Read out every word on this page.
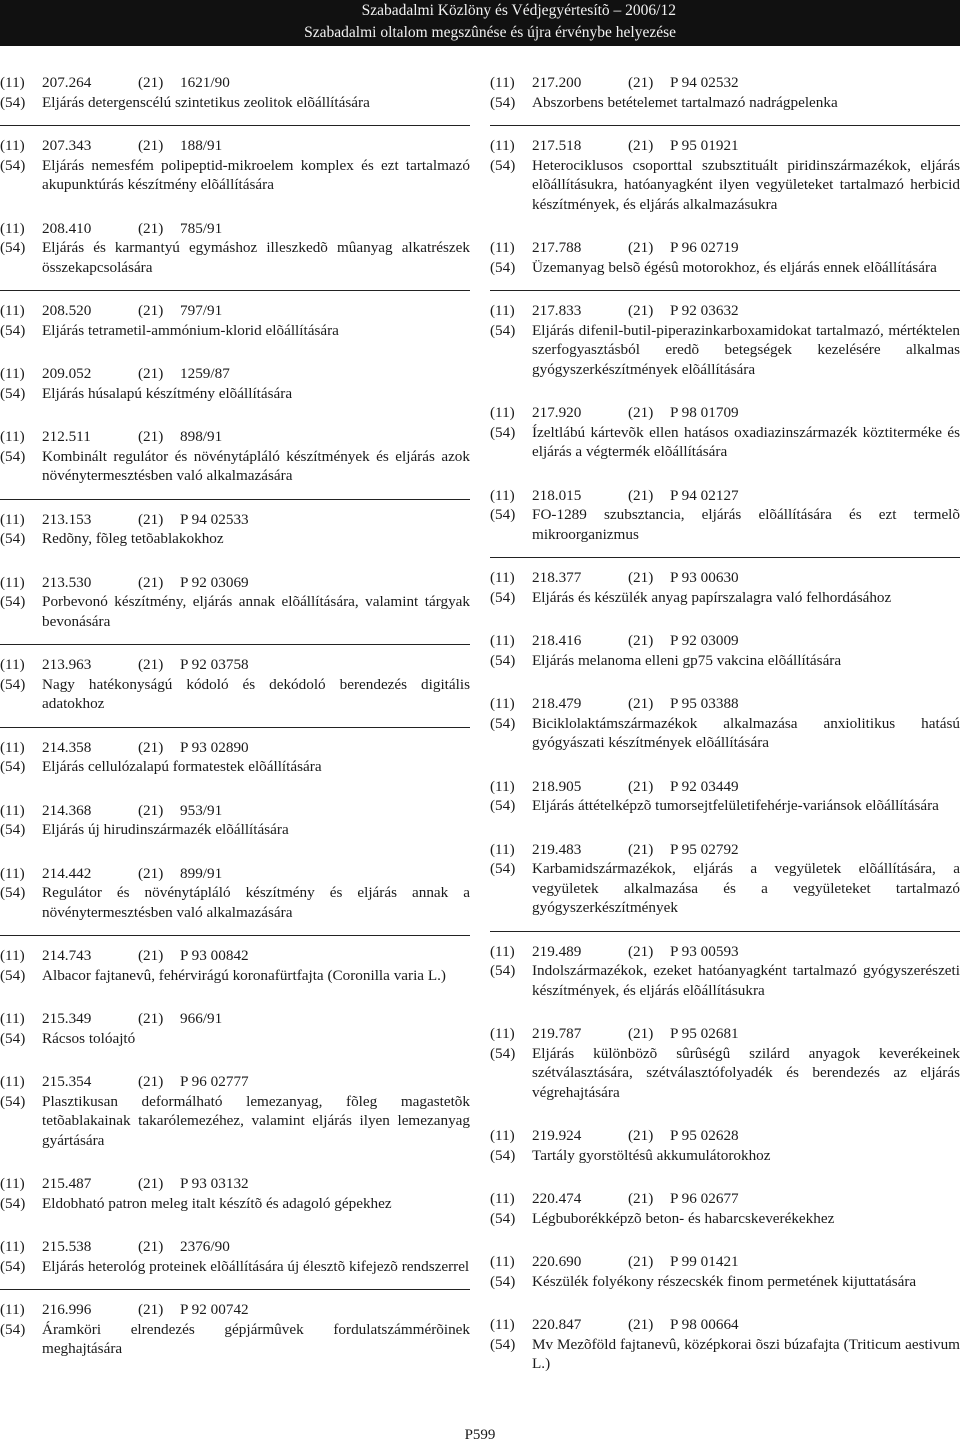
Szabadalmi Közlöny és Védjegyértesítõ – 2006/12
Szabadalmi oltalom megszûnése és újra érvénybe helyezése
(11)	207.264	(21)	1621/90
(54)	Eljárás detergenscélú szintetikus zeolitok elõállítására
(11)	207.343	(21)	188/91
(54)	Eljárás nemesfém polipeptid-mikroelem komplex és ezt tartalmazó akupunktúrás készítmény elõállítására
(11)	208.410	(21)	785/91
(54)	Eljárás és karmantyú egymáshoz illeszkedõ mûanyag alkatrészek összekapcsolására
(11)	208.520	(21)	797/91
(54)	Eljárás tetrametil-ammónium-klorid elõállítására
(11)	209.052	(21)	1259/87
(54)	Eljárás húsalapú készítmény elõállítására
(11)	212.511	(21)	898/91
(54)	Kombinált regulátor és növénytápláló készítmények és eljárás azok növénytermesztésben való alkalmazására
(11)	213.153	(21)	P 94 02533
(54)	Redõny, fõleg tetõablakokhoz
(11)	213.530	(21)	P 92 03069
(54)	Porbevonó készítmény, eljárás annak elõállítására, valamint tárgyak bevonására
(11)	213.963	(21)	P 92 03758
(54)	Nagy hatékonyságú kódoló és dekódoló berendezés digitális adatokhoz
(11)	214.358	(21)	P 93 02890
(54)	Eljárás cellulózalapú formatestek elõállítására
(11)	214.368	(21)	953/91
(54)	Eljárás új hirudinszármazék elõállítására
(11)	214.442	(21)	899/91
(54)	Regulátor és növénytápláló készítmény és eljárás annak a növénytermesztésben való alkalmazására
(11)	214.743	(21)	P 93 00842
(54)	Albacor fajtanevû, fehérvirágú koronafürtfajta (Coronilla varia L.)
(11)	215.349	(21)	966/91
(54)	Rácsos tolóajtó
(11)	215.354	(21)	P 96 02777
(54)	Plasztikusan deformálható lemezanyag, fõleg magastetõk tetõablakainak takarólemezéhez, valamint eljárás ilyen lemezanyag gyártására
(11)	215.487	(21)	P 93 03132
(54)	Eldobható patron meleg italt készítõ és adagoló gépekhez
(11)	215.538	(21)	2376/90
(54)	Eljárás heterológ proteinek elõállítására új élesztõ kifejezõ rendszerrel
(11)	216.996	(21)	P 92 00742
(54)	Áramköri elrendezés gépjármûvek fordulatszámmérõinek meghajtására
(11)	217.200	(21)	P 94 02532
(54)	Abszorbens betételemet tartalmazó nadrágpelenka
(11)	217.518	(21)	P 95 01921
(54)	Heterociklusos csoporttal szubsztituált piridinszármazékok, eljárás elõállításukra, hatóanyagként ilyen vegyületeket tartalmazó herbicid készítmények, és eljárás alkalmazásukra
(11)	217.788	(21)	P 96 02719
(54)	Üzemanyag belsõ égésû motorokhoz, és eljárás ennek elõállítására
(11)	217.833	(21)	P 92 03632
(54)	Eljárás difenil-butil-piperazinkarboxamidokat tartalmazó, mértéktelen szerfogyasztásból eredõ betegségek kezelésére alkalmas gyógyszerkészítmények elõállítására
(11)	217.920	(21)	P 98 01709
(54)	Ízeltlábú kártevõk ellen hatásos oxadiazinszármazék köztitermékе és eljárás a végtermék elõállítására
(11)	218.015	(21)	P 94 02127
(54)	FO-1289 szubsztancia, eljárás elõállítására és ezt termelõ mikroorganizmus
(11)	218.377	(21)	P 93 00630
(54)	Eljárás és készülék anyag papírszalagra való felhordásához
(11)	218.416	(21)	P 92 03009
(54)	Eljárás melanoma elleni gp75 vakcina elõállítására
(11)	218.479	(21)	P 95 03388
(54)	Biciklolaktámszármazékok alkalmazása anxiolitikus hatású gyógyászati készítmények elõállítására
(11)	218.905	(21)	P 92 03449
(54)	Eljárás áttételképzõ tumorsejtfelületifehérje-variánsok elõállítására
(11)	219.483	(21)	P 95 02792
(54)	Karbamidszármazékok, eljárás a vegyületek elõállítására, a vegyületek alkalmazása és a vegyületeket tartalmazó gyógyszerkészítmények
(11)	219.489	(21)	P 93 00593
(54)	Indolszármazékok, ezeket hatóanyagként tartalmazó gyógyszerészeti készítmények, és eljárás elõállításukra
(11)	219.787	(21)	P 95 02681
(54)	Eljárás különbözõ sûrûségû szilárd anyagok keverékeinek szétválasztására, szétválasztófolyadék és berendezés az eljárás végrehajtására
(11)	219.924	(21)	P 95 02628
(54)	Tartály gyorstöltésû akkumulátorokhoz
(11)	220.474	(21)	P 96 02677
(54)	Légbuborékképzõ beton- és habarcskeverékekhez
(11)	220.690	(21)	P 99 01421
(54)	Készülék folyékony részecskék finom permetének kijuttatására
(11)	220.847	(21)	P 98 00664
(54)	Mv Mezõföld fajtanevû, középkorai õszi búzafajta (Triticum aestivum L.)
P599
